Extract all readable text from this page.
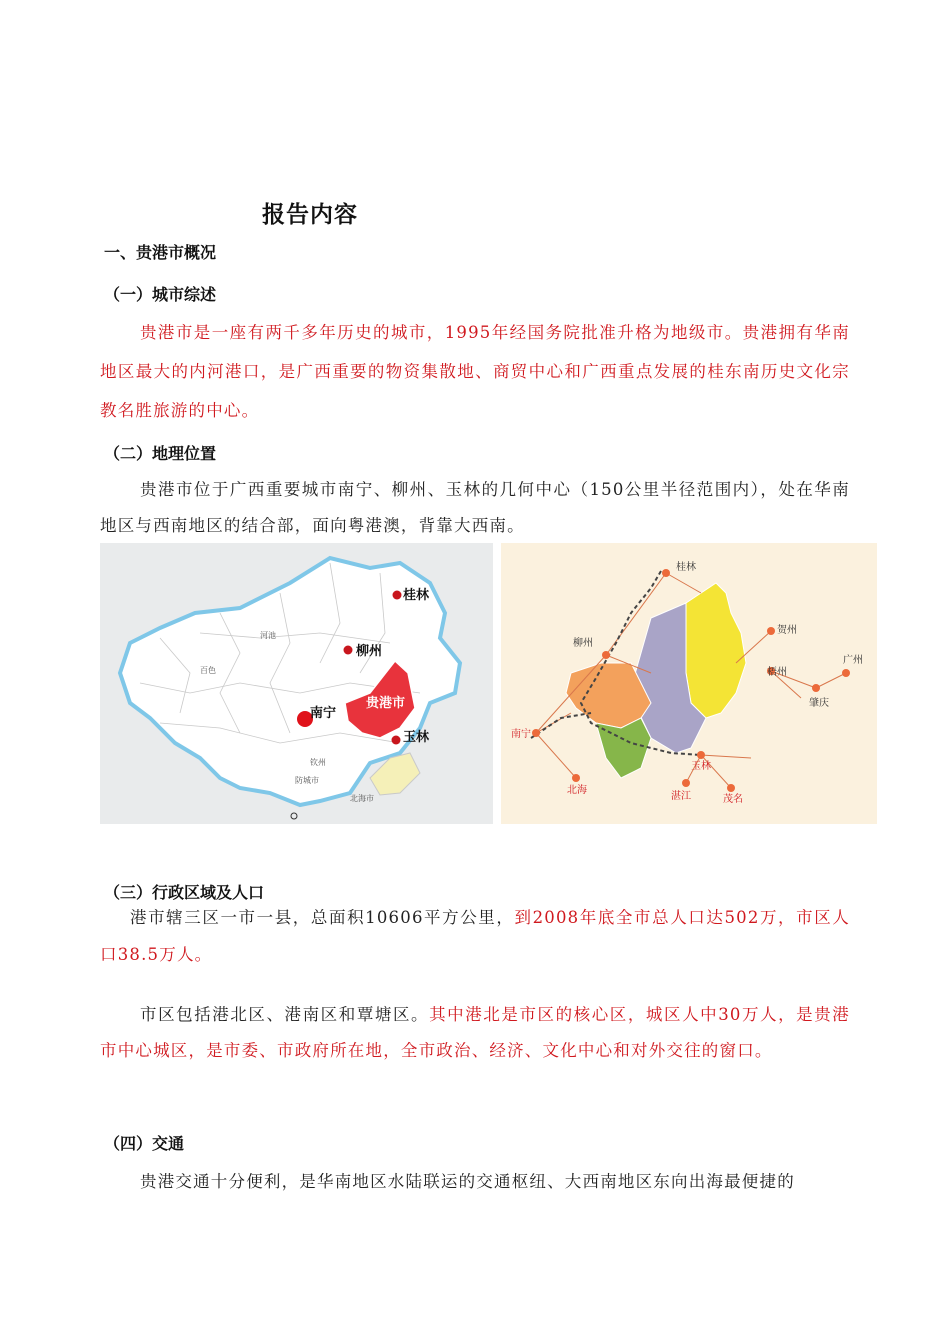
报告内容
一、贵港市概况
（一）城市综述
贵港市是一座有两千多年历史的城市，1995年经国务院批准升格为地级市。贵港拥有华南地区最大的内河港口，是广西重要的物资集散地、商贸中心和广西重点发展的桂东南历史文化宗教名胜旅游的中心。
（二）地理位置
贵港市位于广西重要城市南宁、柳州、玉林的几何中心（150公里半径范围内），处在华南地区与西南地区的结合部，面向粤港澳，背靠大西南。
桂林
柳州
南宁
贵港市
玉林
河池
百色
北海市
钦州
防城市
桂林
贺州
柳州
梧州
广州
肇庆
南宁
玉林
湛江	茂名
北海
（三）行政区域及人口
港市辖三区一市一县，总面积10606平方公里，到2008年底全市总人口达502万，市区人口38.5万人。
市区包括港北区、港南区和覃塘区。其中港北是市区的核心区，城区人中30万人，是贵港市中心城区，是市委、市政府所在地，全市政治、经济、文化中心和对外交往的窗口。
（四）交通
贵港交通十分便利，是华南地区水陆联运的交通枢纽、大西南地区东向出海最便捷的
